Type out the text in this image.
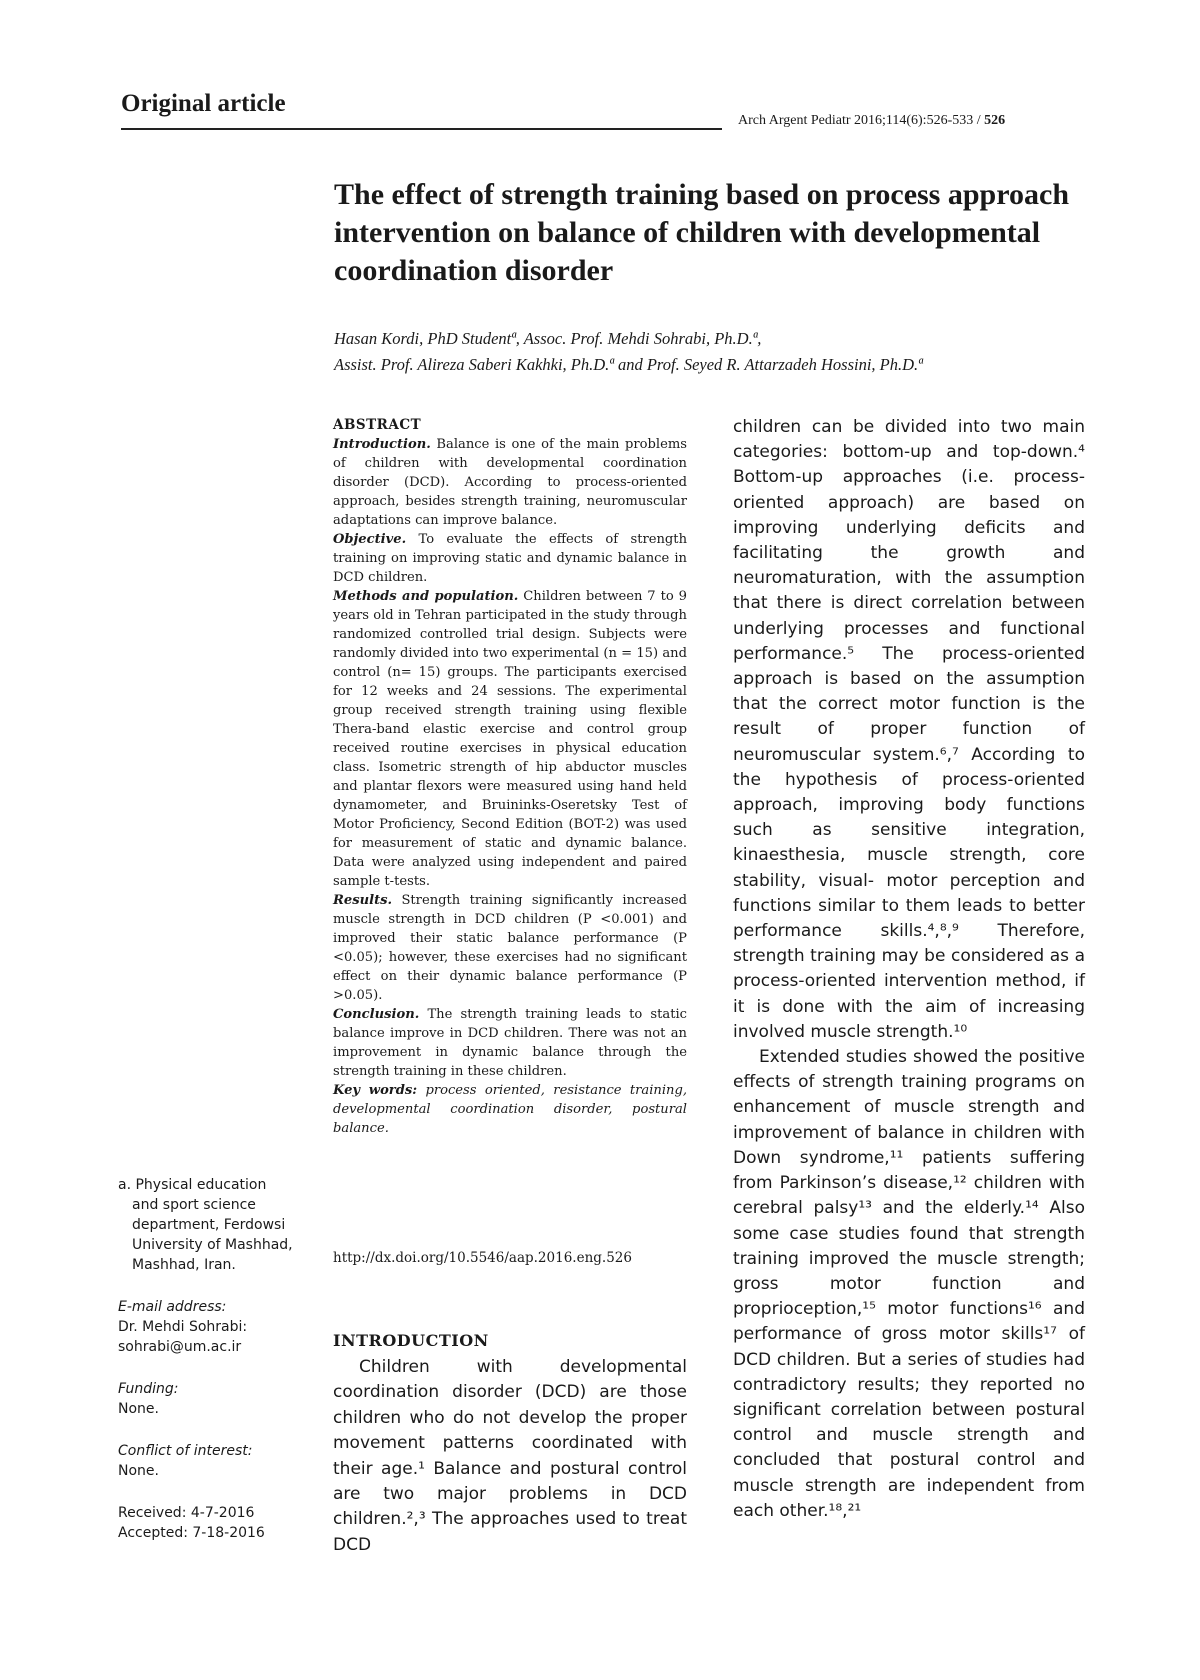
Original article
Arch Argent Pediatr 2016;114(6):526-533 / 526
The effect of strength training based on process approach intervention on balance of children with developmental coordination disorder
Hasan Kordi, PhD Studentª, Assoc. Prof. Mehdi Sohrabi, Ph.D.ª,
Assist. Prof. Alireza Saberi Kakhki, Ph.D.ª and Prof. Seyed R. Attarzadeh Hossini, Ph.D.ª
ABSTRACT

Introduction. Balance is one of the main problems of children with developmental coordination disorder (DCD). According to process-oriented approach, besides strength training, neuromuscular adaptations can improve balance.

Objective. To evaluate the effects of strength training on improving static and dynamic balance in DCD children.

Methods and population. Children between 7 to 9 years old in Tehran participated in the study through randomized controlled trial design. Subjects were randomly divided into two experimental (n = 15) and control (n= 15) groups. The participants exercised for 12 weeks and 24 sessions. The experimental group received strength training using flexible Thera-band elastic exercise and control group received routine exercises in physical education class. Isometric strength of hip abductor muscles and plantar flexors were measured using hand held dynamometer, and Bruininks-Oseretsky Test of Motor Proficiency, Second Edition (BOT-2) was used for measurement of static and dynamic balance. Data were analyzed using independent and paired sample t-tests.

Results. Strength training significantly increased muscle strength in DCD children (P <0.001) and improved their static balance performance (P <0.05); however, these exercises had no significant effect on their dynamic balance performance (P >0.05).

Conclusion. The strength training leads to static balance improve in DCD children. There was not an improvement in dynamic balance through the strength training in these children.

Key words: process oriented, resistance training, developmental coordination disorder, postural balance.

http://dx.doi.org/10.5546/aap.2016.eng.526
INTRODUCTION

Children with developmental coordination disorder (DCD) are those children who do not develop the proper movement patterns coordinated with their age.¹ Balance and postural control are two major problems in DCD children.²,³ The approaches used to treat DCD

children can be divided into two main categories: bottom-up and top-down.⁴ Bottom-up approaches (i.e. process-oriented approach) are based on improving underlying deficits and facilitating the growth and neuromaturation, with the assumption that there is direct correlation between underlying processes and functional performance.⁵ The process-oriented approach is based on the assumption that the correct motor function is the result of proper function of neuromuscular system.⁶,⁷ According to the hypothesis of process-oriented approach, improving body functions such as sensitive integration, kinaesthesia, muscle strength, core stability, visual- motor perception and functions similar to them leads to better performance skills.⁴,⁸,⁹ Therefore, strength training may be considered as a process-oriented intervention method, if it is done with the aim of increasing involved muscle strength.¹⁰

Extended studies showed the positive effects of strength training programs on enhancement of muscle strength and improvement of balance in children with Down syndrome,¹¹ patients suffering from Parkinson’s disease,¹² children with cerebral palsy¹³ and the elderly.¹⁴ Also some case studies found that strength training improved the muscle strength; gross motor function and proprioception,¹⁵ motor functions¹⁶ and performance of gross motor skills¹⁷ of DCD children. But a series of studies had contradictory results; they reported no significant correlation between postural control and muscle strength and concluded that postural control and muscle strength are independent from each other.¹⁸,²¹

a. Physical education and sport science department, Ferdowsi University of Mashhad, Mashhad, Iran.
E-mail address:
Dr. Mehdi Sohrabi:
sohrabi@um.ac.ir
Funding:
None.
Conflict of interest:
None.
Received: 4-7-2016
Accepted: 7-18-2016
